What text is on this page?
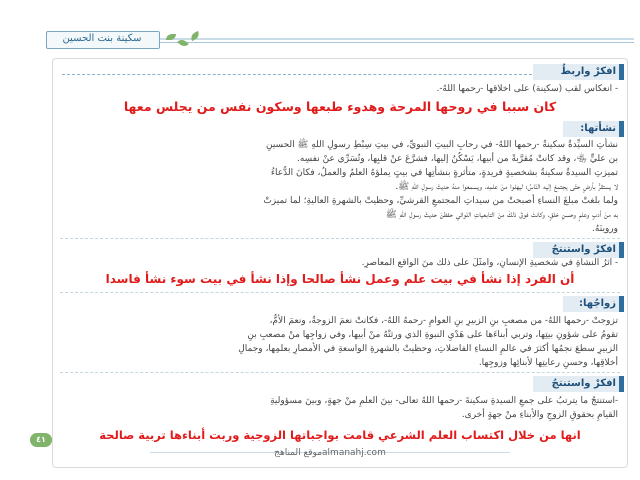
سكينة بنت الحسين
افكرْ واربطُ
- انعكاس لقب (سكينة) على أخلاقها -رحمها اللهُ-.
كان سببا في روحها المرحة وهدوء طبعها وسكون نفس من يجلس معها
نشأتها:
نشأتِ السيِّدةُ سكينةُ -رحمها اللهُ- في رحابِ البيتِ النبويِّ، في بيتِ سِبْطِ رسولِ اللهِ ﷺ الحسينِ
بن عليٍّ ﵄، وقد كانتْ مُقرَّبةً من أبيها، يَسْكُنُ إليها، فشرَّعَ عنْ قلبِها، وتُسَرِّي عنْ نفسِه.
تميزتِ السيدةُ سكينةُ بشخصيةٍ فريدةٍ، متأثرةٍ بنشأتِها في بيتٍ يملؤهُ العلمُ والعملُ، فكانَ الدُّعاءُ
لا يستقرُّ بأرضٍ حتّى يجتمعَ إليه النّاسُ؛ ليهلوا منْ علمِه، ويسمعوا منهُ حديثَ رسولِ اللهِ ﷺ.
ولما بلغتْ مبلغَ النساءِ أصبحتْ من سيداتِ المجتمعِ القرشيِّ، وحظيتْ بالشهرةِ العاليةِ؛ لما تميزتْ
به منْ أدبٍ وعلمٍ وحسنِ خلقٍ، وكانتْ فوقَ ذلكَ منَ التابعياتِ اللواتي حفظنَ حديثَ رسولِ اللهِ ﷺ
وروينَهُ.
افكرْ واستنتجُ
- أثرُ النشأةِ في شخصيةِ الإنسانِ، وأمثّلُ على ذلكَ منَ الواقعِ المعاصرِ.
أن الفرد إذا نشأ في بيت علم وعمل نشأ صالحا وإذا نشأ في بيت سوء نشأ فاسدا
زواجُها:
تزوجتْ -رحمها اللهُ- من مصعبِ بنِ الزبيرِ بنِ العوامِ -رحمهُ اللهُ-، فكانتْ نعمَ الزوجةُ، ونعمَ الأمُّ،
تقومُ على شؤونِ بيتِها، وتربي أبناءَها على هَدْيِ النبوةِ الذي ورثتْهُ منْ أبيها، وفي زواجِها منْ مصعبِ بنِ
الزبيرِ سطعَ نجمُها أكثرَ في عالمِ النساءِ الفاضلاتِ، وحظيتْ بالشهرةِ الواسعةِ في الأمصارِ بعلمِها، وجمالِ
أخلاقِها، وحسنِ رعايتِها لأبنائِها وزوجِها.
افكرْ واستنتجُ
-استنتجُ ما يترتبُ على جمعِ السيدةِ سكينةَ -رحمها اللهُ تعالى- بينَ العلمِ منْ جهةٍ، وبينَ مسؤوليةِ
القيامِ بحقوقِ الزوجِ والأبناءِ منْ جهةٍ أخرى.
انها من خلال اكتساب العلم الشرعي قامت بواجباتها الزوجية وربت أبناءها تربية صالحة
٤١
almanahj.comموقع المناهج
